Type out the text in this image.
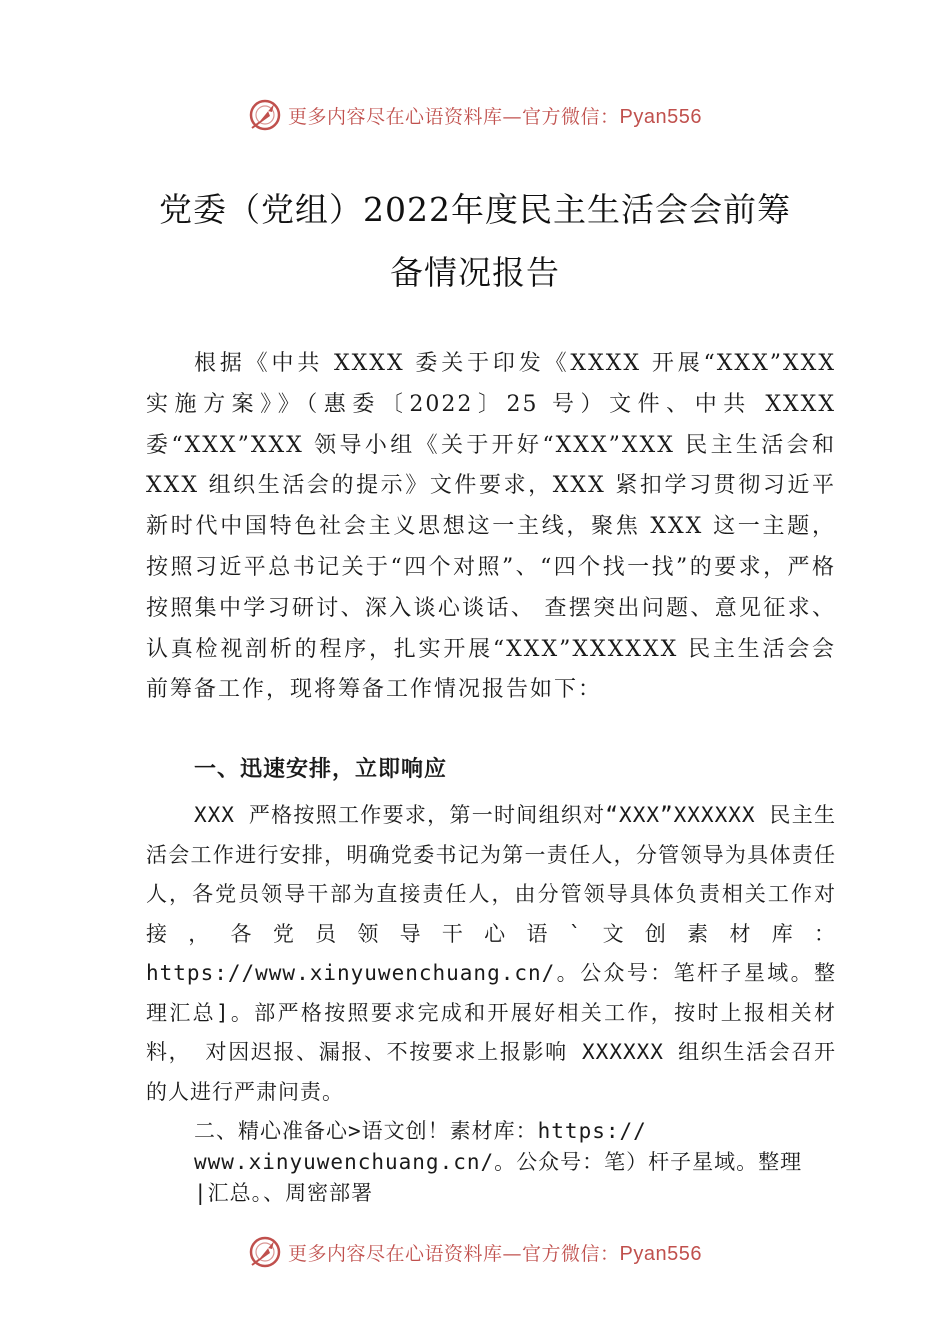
更多内容尽在心语资料库—官方微信：Pyan556
党委（党组）2022年度民主生活会会前筹
备情况报告

根据《中共 XXXX 委关于印发《XXXX 开展“XXX”XXX 实施方案》》（惠委〔2022〕25 号）文件、中共 XXXX 委“XXX”XXX 领导小组《关于开好“XXX”XXX 民主生活会和 XXX 组织生活会的提示》文件要求，XXX 紧扣学习贯彻习近平新时代中国特色社会主义思想这一主线，聚焦 XXX 这一主题，按照习近平总书记关于“四个对照”、“四个找一找”的要求，严格按照集中学习研讨、深入谈心谈话、 查摆突出问题、意见征求、认真检视剖析的程序，扎实开展“XXX”XXXXXX 民主生活会会前筹备工作，现将筹备工作情况报告如下：

一、迅速安排，立即响应

XXX 严格按照工作要求，第一时间组织对“XXX”XXXXXX 民主生活会工作进行安排，明确党委书记为第一责任人，分管领导为具体责任人，各党员领导干部为直接责任人，由分管领导具体负责相关工作对接，各党员领导干心语`文创素材库：https://www.xinyuwenchuang.cn/。公众号：笔杆子星域。整理汇总]。部严格按照要求完成和开展好相关工作，按时上报相关材料， 对因迟报、漏报、不按要求上报影响 XXXXXX 组织生活会召开的人进行严肃问责。

二、精心准备心>语文创！素材库：https://
www.xinyuwenchuang.cn/。公众号：笔）杆子星域。整理
|汇总。、周密部署
更多内容尽在心语资料库—官方微信：Pyan556
